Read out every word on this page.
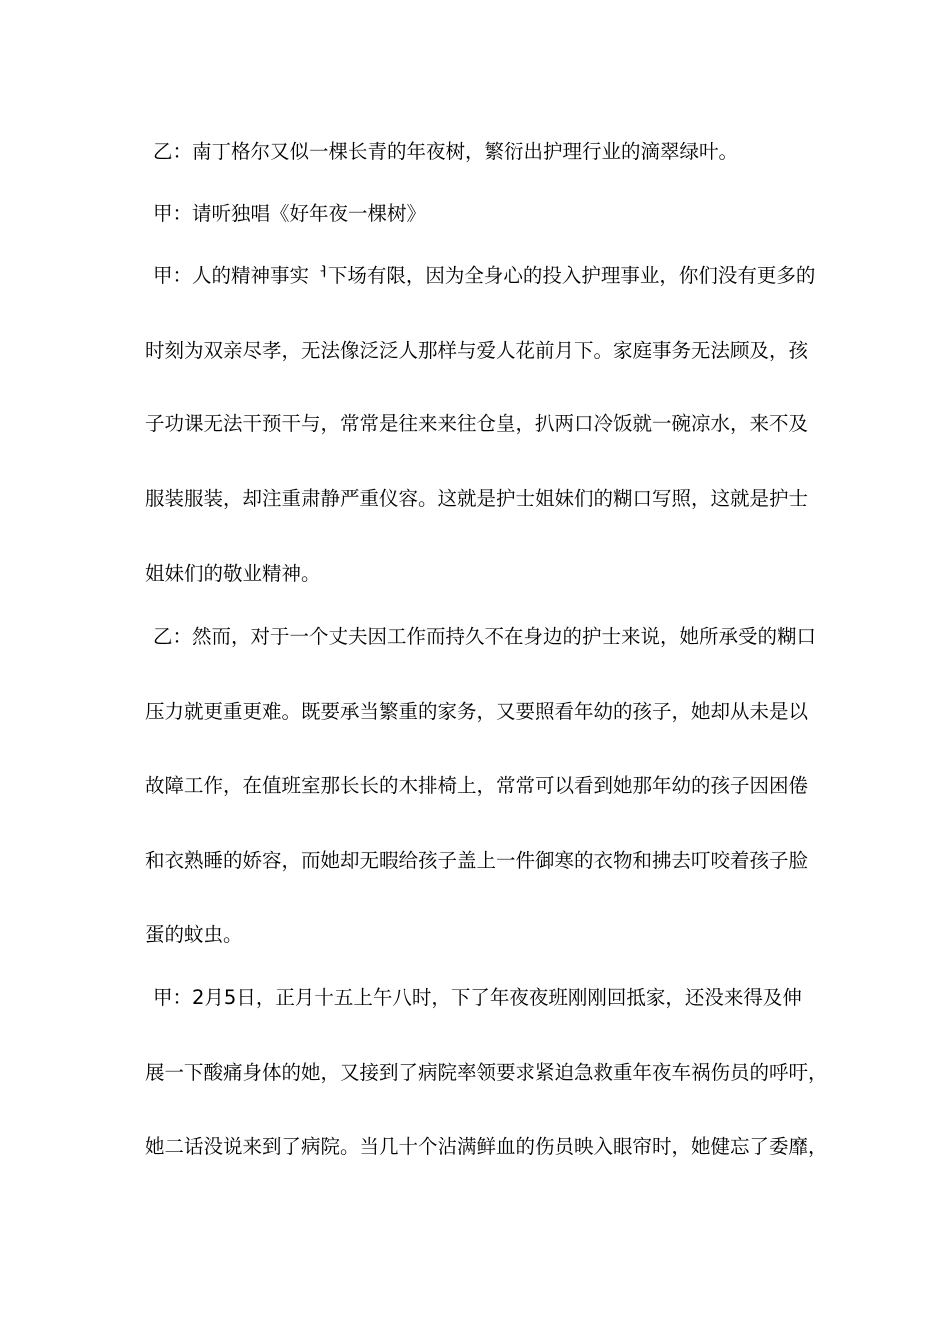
乙：南丁格尔又似一棵长青的年夜树，繁衍出护理行业的滴翠绿叶。
甲：请听独唱《好年夜一棵树》
甲：人的精神事实ᅥ下场有限，因为全身心的投入护理事业，你们没有更多的
时刻为双亲尽孝，无法像泛泛人那样与爱人花前月下。家庭事务无法顾及，孩
子功课无法干预干与，常常是往来来往仓皇，扒两口冷饭就一碗凉水，来不及
服装服装，却注重肃静严重仪容。这就是护士姐妹们的糊口写照，这就是护士
姐妹们的敬业精神。
乙：然而，对于一个丈夫因工作而持久不在身边的护士来说，她所承受的糊口
压力就更重更难。既要承当繁重的家务，又要照看年幼的孩子，她却从未是以
故障工作，在值班室那长长的木排椅上，常常可以看到她那年幼的孩子因困倦
和衣熟睡的娇容，而她却无暇给孩子盖上一件御寒的衣物和拂去叮咬着孩子脸
蛋的蚊虫。
甲：2月5日，正月十五上午八时，下了年夜夜班刚刚回抵家，还没来得及伸
展一下酸痛身体的她，又接到了病院率领要求紧迫急救重年夜车祸伤员的呼吁，
她二话没说来到了病院。当几十个沾满鲜血的伤员映入眼帘时，她健忘了委靡，
